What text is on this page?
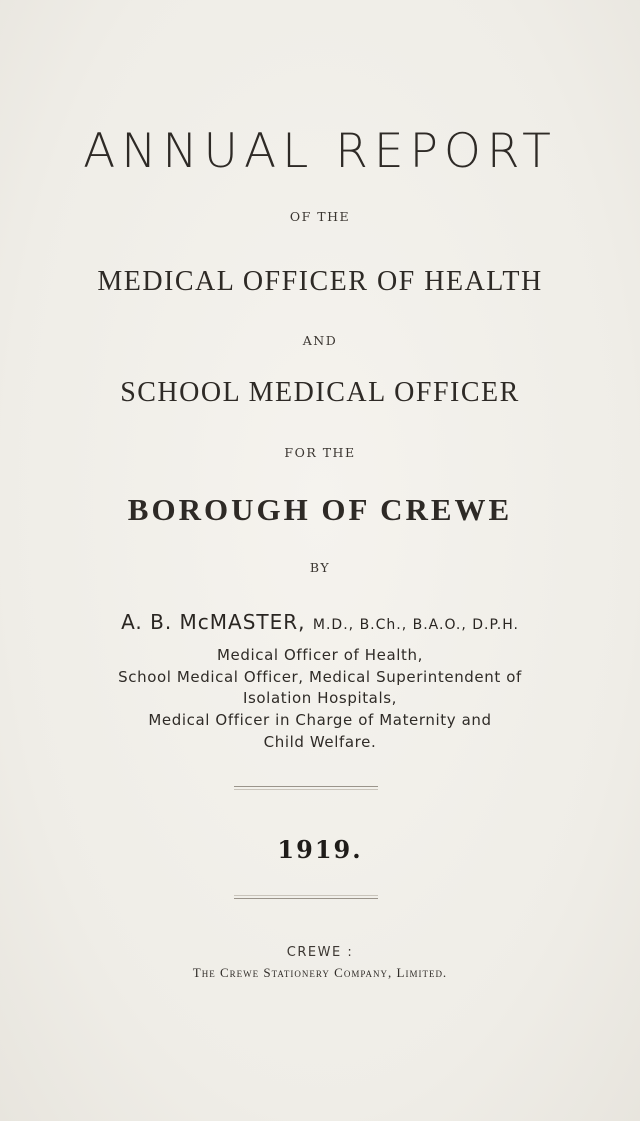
ANNUAL REPORT
OF THE
MEDICAL OFFICER OF HEALTH
AND
SCHOOL MEDICAL OFFICER
FOR THE
BOROUGH OF CREWE
BY
A. B. McMASTER, M.D., B.Ch., B.A.O., D.P.H.
Medical Officer of Health,
School Medical Officer, Medical Superintendent of
Isolation Hospitals,
Medical Officer in Charge of Maternity and
Child Welfare.
1919.
CREWE :
The Crewe Stationery Company, Limited.
